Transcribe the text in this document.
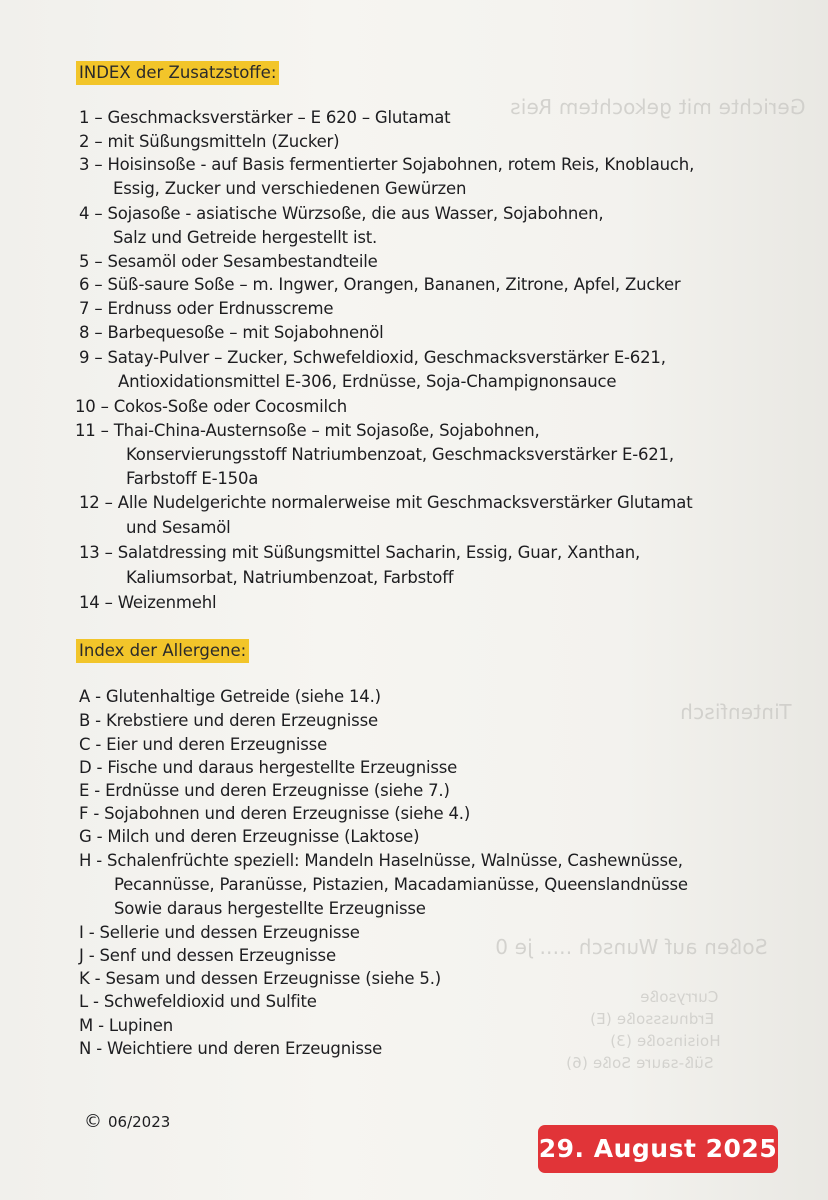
Gerichte mit gekochtem Reis
Tintenfisch
Soßen auf Wunsch ..... je 0
Currysoße
Erdnusssoße (E)
Hoisinsoße (3)
Süß-saure Soße (6)
INDEX der Zusatzstoffe:
1 – Geschmacksverstärker – E 620 – Glutamat
2 – mit Süßungsmitteln (Zucker)
3 – Hoisinsoße - auf Basis fermentierter Sojabohnen, rotem Reis, Knoblauch,
Essig, Zucker und verschiedenen Gewürzen
4 – Sojasoße - asiatische Würzsoße, die aus Wasser, Sojabohnen,
Salz und Getreide hergestellt ist.
5 – Sesamöl oder Sesambestandteile
6 – Süß-saure Soße – m. Ingwer, Orangen, Bananen, Zitrone, Apfel, Zucker
7 – Erdnuss oder Erdnusscreme
8 – Barbequesoße – mit Sojabohnenöl
9 – Satay-Pulver – Zucker, Schwefeldioxid, Geschmacksverstärker E-621,
Antioxidationsmittel E-306, Erdnüsse, Soja-Champignonsauce
10 – Cokos-Soße oder Cocosmilch
11 – Thai-China-Austernsoße – mit Sojasoße, Sojabohnen,
Konservierungsstoff Natriumbenzoat, Geschmacksverstärker E-621,
Farbstoff E-150a
12 – Alle Nudelgerichte normalerweise mit Geschmacksverstärker Glutamat
und Sesamöl
13 – Salatdressing mit Süßungsmittel Sacharin, Essig, Guar, Xanthan,
Kaliumsorbat, Natriumbenzoat, Farbstoff
14 – Weizenmehl
Index der Allergene:
A - Glutenhaltige Getreide (siehe 14.)
B - Krebstiere und deren Erzeugnisse
C - Eier und deren Erzeugnisse
D - Fische und daraus hergestellte Erzeugnisse
E - Erdnüsse und deren Erzeugnisse (siehe 7.)
F - Sojabohnen und deren Erzeugnisse (siehe 4.)
G - Milch und deren Erzeugnisse (Laktose)
H - Schalenfrüchte speziell: Mandeln Haselnüsse, Walnüsse, Cashewnüsse,
Pecannüsse, Paranüsse, Pistazien, Macadamianüsse, Queenslandnüsse
Sowie daraus hergestellte Erzeugnisse
I - Sellerie und dessen Erzeugnisse
J - Senf und dessen Erzeugnisse
K - Sesam und dessen Erzeugnisse (siehe 5.)
L - Schwefeldioxid und Sulfite
M - Lupinen
N - Weichtiere und deren Erzeugnisse
© 06/2023
29. August 2025
